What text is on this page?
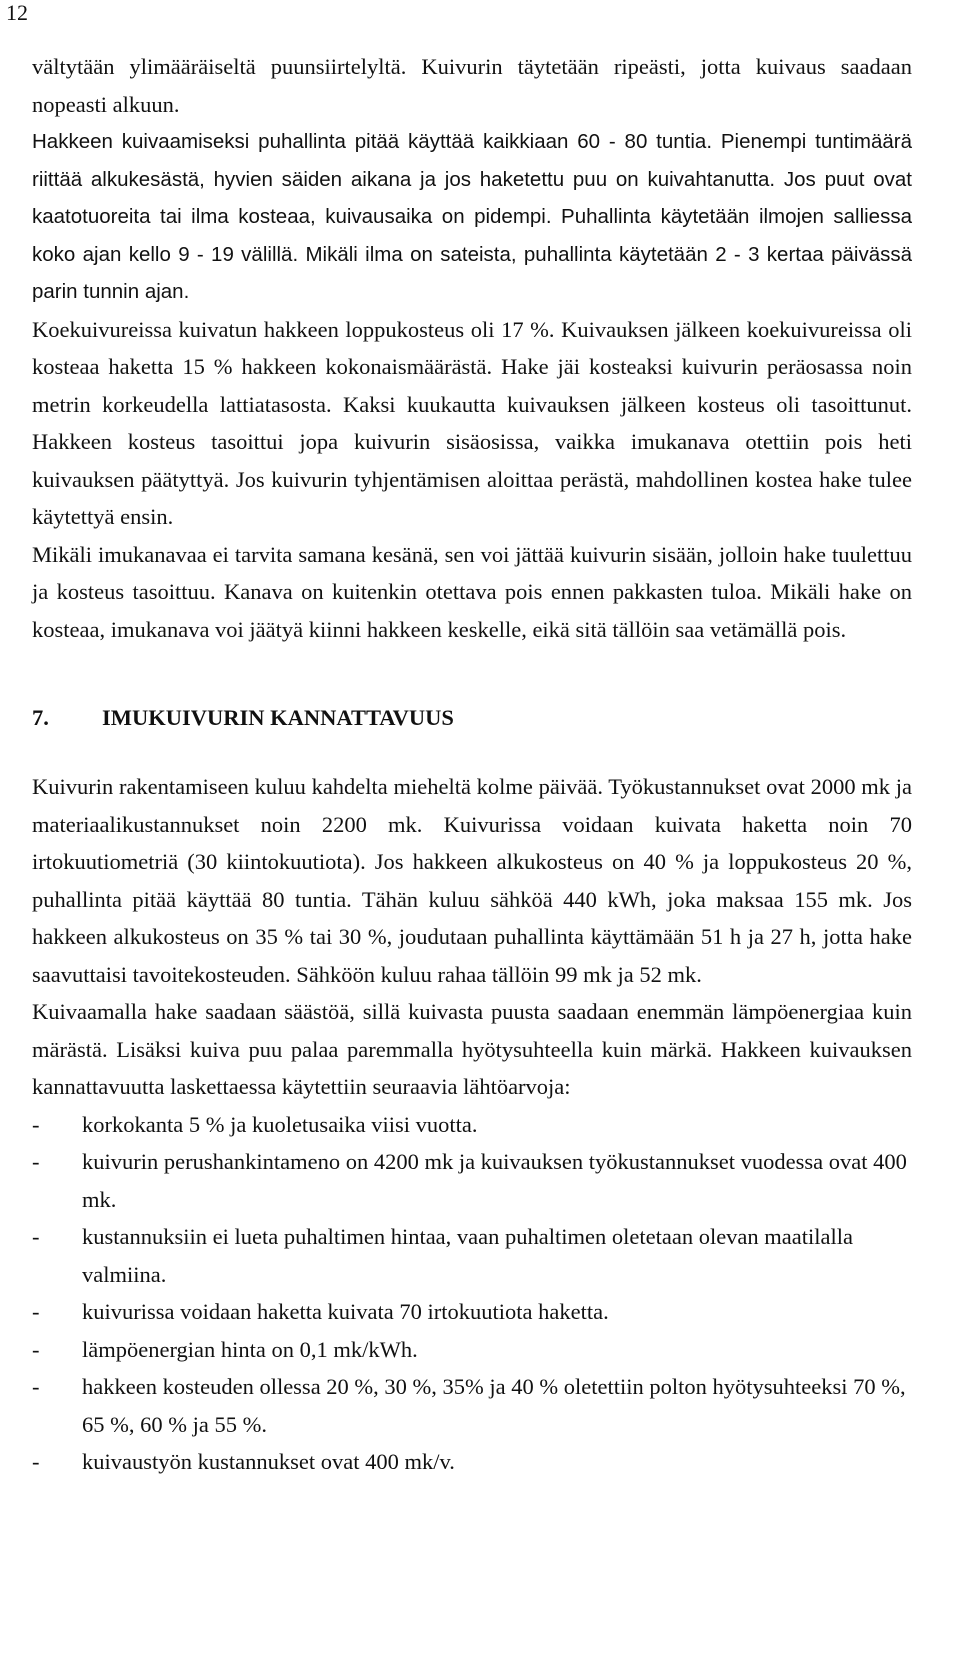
12

vältytään ylimääräiseltä puunsiirtelyltä. Kuivurin täytetään ripeästi, jotta kuivaus saadaan nopeasti alkuun.

Hakkeen kuivaamiseksi puhallinta pitää käyttää kaikkiaan 60 - 80 tuntia. Pienempi tuntimäärä riittää alkukesästä, hyvien säiden aikana ja jos haketettu puu on kuivahtanutta. Jos puut ovat kaatotuoreita tai ilma kosteaa, kuivausaika on pidempi. Puhallinta käytetään ilmojen salliessa koko ajan kello 9 - 19 välillä. Mikäli ilma on sateista, puhallinta käytetään 2 - 3 kertaa päivässä parin tunnin ajan.

Koekuivureissa kuivatun hakkeen loppukosteus oli 17 %. Kuivauksen jälkeen koekuivureissa oli kosteaa haketta 15 % hakkeen kokonaismäärästä. Hake jäi kosteaksi kuivurin peräosassa noin metrin korkeudella lattiatasosta. Kaksi kuukautta kuivauksen jälkeen kosteus oli tasoittunut. Hakkeen kosteus tasoittui jopa kuivurin sisäosissa, vaikka imukanava otettiin pois heti kuivauksen päätyttyä. Jos kuivurin tyhjentämisen aloittaa perästä, mahdollinen kostea hake tulee käytettyä ensin.

Mikäli imukanavaa ei tarvita samana kesänä, sen voi jättää kuivurin sisään, jolloin hake tuulettuu ja kosteus tasoittuu. Kanava on kuitenkin otettava pois ennen pakkasten tuloa. Mikäli hake on kosteaa, imukanava voi jäätyä kiinni hakkeen keskelle, eikä sitä tällöin saa vetämällä pois.

7.	IMUKUIVURIN KANNATTAVUUS

Kuivurin rakentamiseen kuluu kahdelta mieheltä kolme päivää. Työkustannukset ovat 2000 mk ja materiaalikustannukset noin 2200 mk. Kuivurissa voidaan kuivata haketta noin 70 irtokuutiometriä (30 kiintokuutiota). Jos hakkeen alkukosteus on 40 % ja loppukosteus 20 %, puhallinta pitää käyttää 80 tuntia. Tähän kuluu sähköä 440 kWh, joka maksaa 155 mk. Jos hakkeen alkukosteus on 35 % tai 30 %, joudutaan puhallinta käyttämään 51 h ja 27 h, jotta hake saavuttaisi tavoitekosteuden. Sähköön kuluu rahaa tällöin 99 mk ja 52 mk.

Kuivaamalla hake saadaan säästöä, sillä kuivasta puusta saadaan enemmän lämpöenergiaa kuin märästä. Lisäksi kuiva puu palaa paremmalla hyötysuhteella kuin märkä. Hakkeen kuivauksen kannattavuutta laskettaessa käytettiin seuraavia lähtöarvoja:

- korkokanta 5 % ja kuoletusaika viisi vuotta.
- kuivurin perushankintameno on 4200 mk ja kuivauksen työkustannukset vuodessa ovat 400 mk.
- kustannuksiin ei lueta puhaltimen hintaa, vaan puhaltimen oletetaan olevan maatilalla valmiina.
- kuivurissa voidaan haketta kuivata 70 irtokuutiota haketta.
- lämpöenergian hinta on 0,1 mk/kWh.
- hakkeen kosteuden ollessa 20 %, 30 %, 35% ja 40 % oletettiin polton hyötysuhteeksi 70 %, 65 %, 60 % ja 55 %.
- kuivaustyön kustannukset ovat 400 mk/v.
